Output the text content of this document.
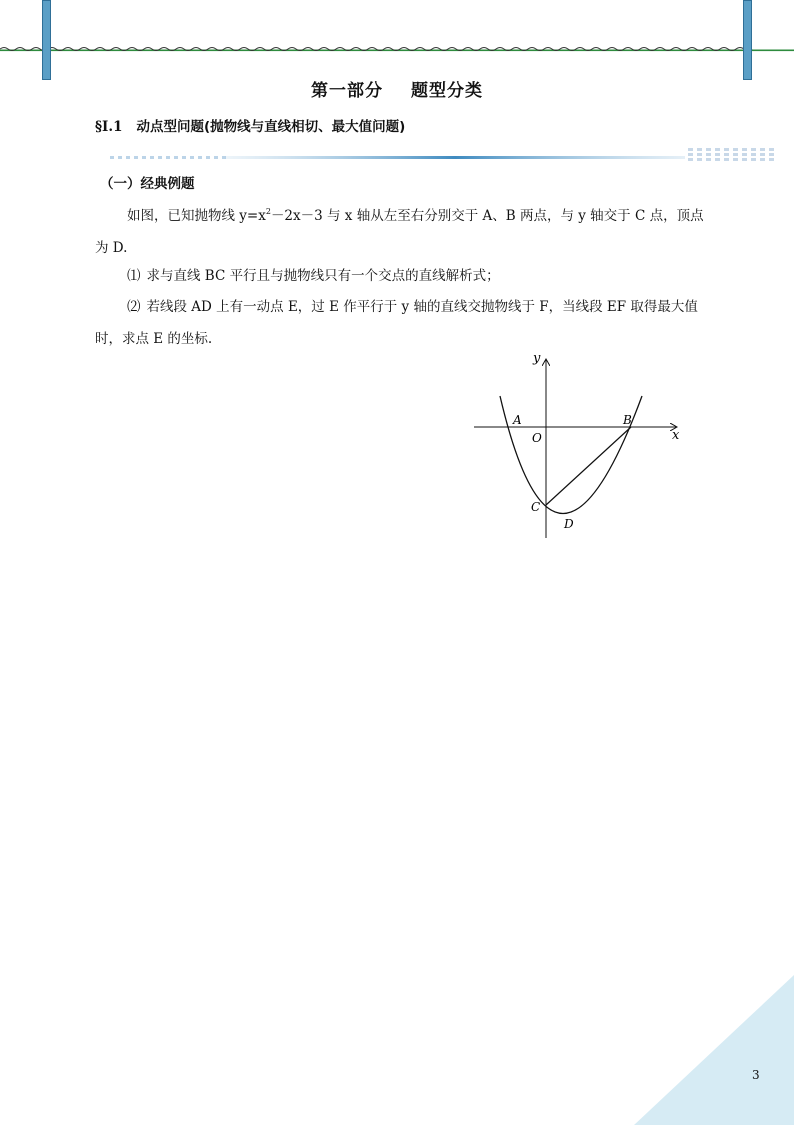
第一部分 题型分类
§I.1 动点型问题(抛物线与直线相切、最大值问题)
（一）经典例题
如图，已知抛物线 $y=x^2-2x-3$ 与 x 轴从左至右分别交于 A、B 两点，与 y 轴交于 C 点，顶点为 D.
⑴ 求与直线 BC 平行且与抛物线只有一个交点的直线解析式；
⑵ 若线段 AD 上有一动点 E，过 E 作平行于 y 轴的直线交抛物线于 F，当线段 EF 取得最大值时，求点 E 的坐标.
y
x
A	B
O
C
D
3
